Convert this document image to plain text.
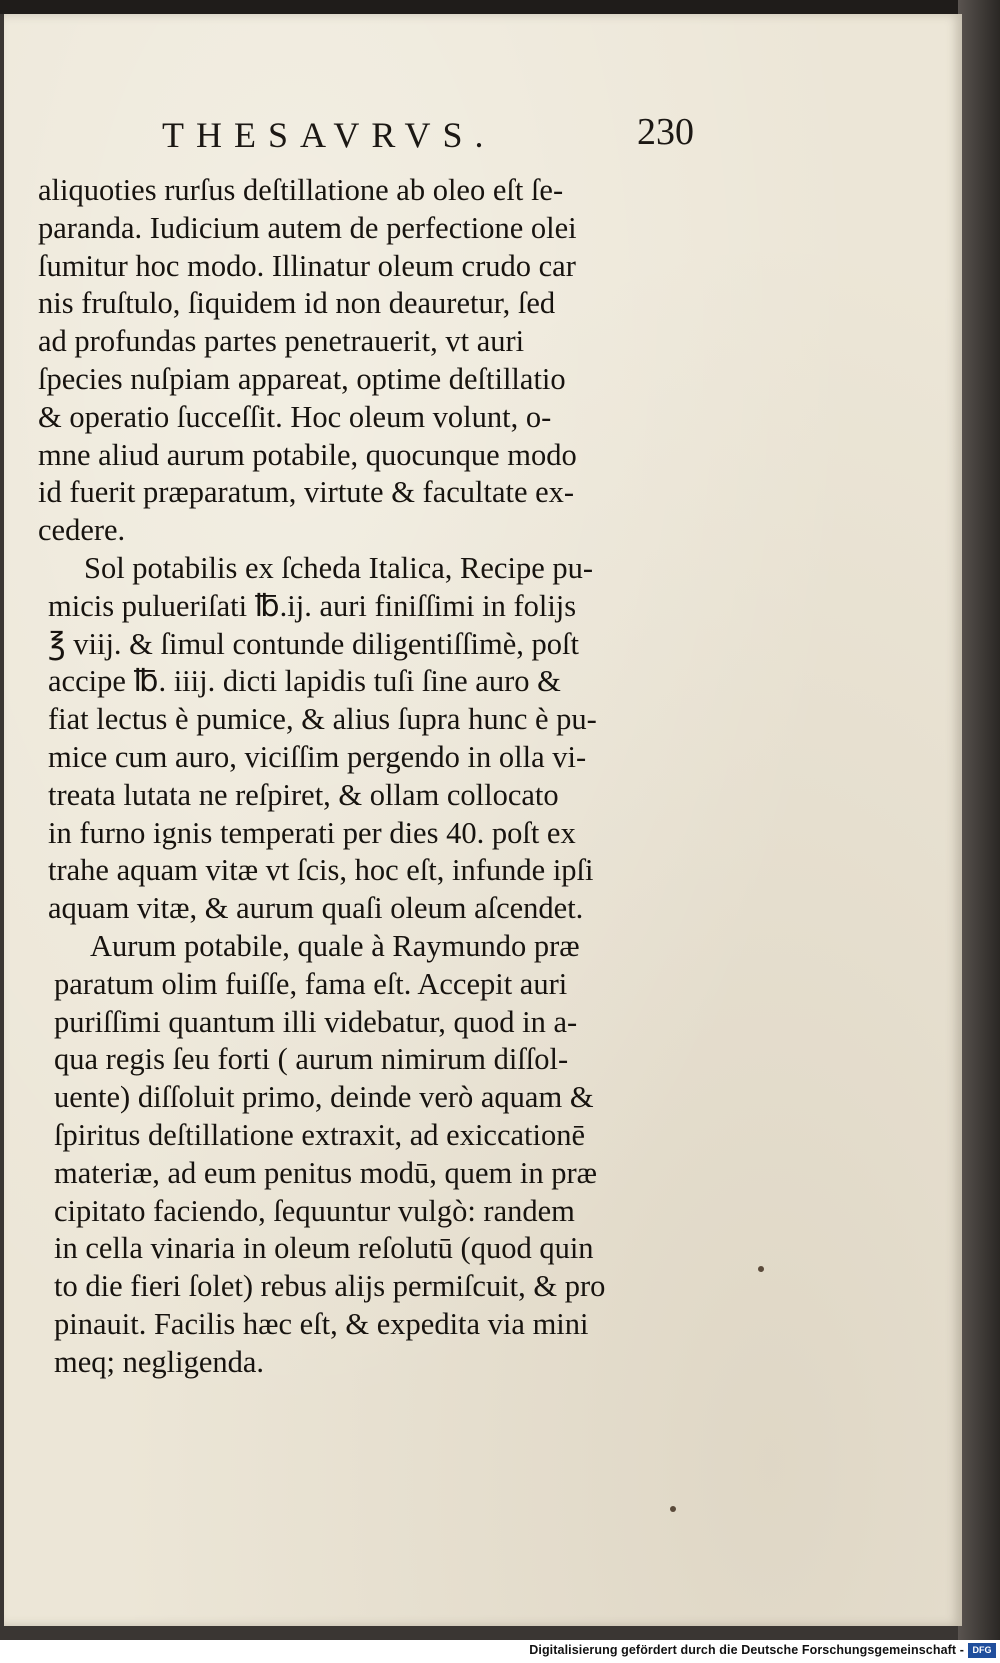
THESAVRVS.	230
aliquoties rurſus deſtillatione ab oleo eſt ſe-
paranda. Iudicium autem de perfectione olei
ſumitur hoc modo. Illinatur oleum crudo car
nis fruſtulo, ſiquidem id non deauretur, ſed
ad profundas partes penetrauerit, vt auri
ſpecies nuſpiam appareat, optime deſtillatio
& operatio ſucceſſit. Hoc oleum volunt, o-
mne aliud aurum potabile, quocunque modo
id fuerit præparatum, virtute & facultate ex-
cedere.
Sol potabilis ex ſcheda Italica, Recipe pu-
micis pulueriſati ℔.ij. auri finiſſimi in folijs
℥ viij. & ſimul contunde diligentiſſimè, poſt
accipe ℔. iiij. dicti lapidis tuſi ſine auro &
fiat lectus è pumice, & alius ſupra hunc è pu-
mice cum auro, viciſſim pergendo in olla vi-
treata lutata ne reſpiret, & ollam collocato
in furno ignis temperati per dies 40. poſt ex
trahe aquam vitæ vt ſcis, hoc eſt, infunde ipſi
aquam vitæ, & aurum quaſi oleum aſcendet.
Aurum potabile, quale à Raymundo præ
paratum olim fuiſſe, fama eſt. Accepit auri
puriſſimi quantum illi videbatur, quod in a-
qua regis ſeu forti ( aurum nimirum diſſol-
uente) diſſoluit primo, deinde verò aquam &
ſpiritus deſtillatione extraxit, ad exiccationē
materiæ, ad eum penitus modū, quem in præ
cipitato faciendo, ſequuntur vulgò: randem
in cella vinaria in oleum reſolutū (quod quin
to die fieri ſolet) rebus alijs permiſcuit, & pro
pinauit. Facilis hæc eſt, & expedita via mini
meq; negligenda.
Digitalisierung gefördert durch die Deutsche Forschungsgemeinschaft - DFG
